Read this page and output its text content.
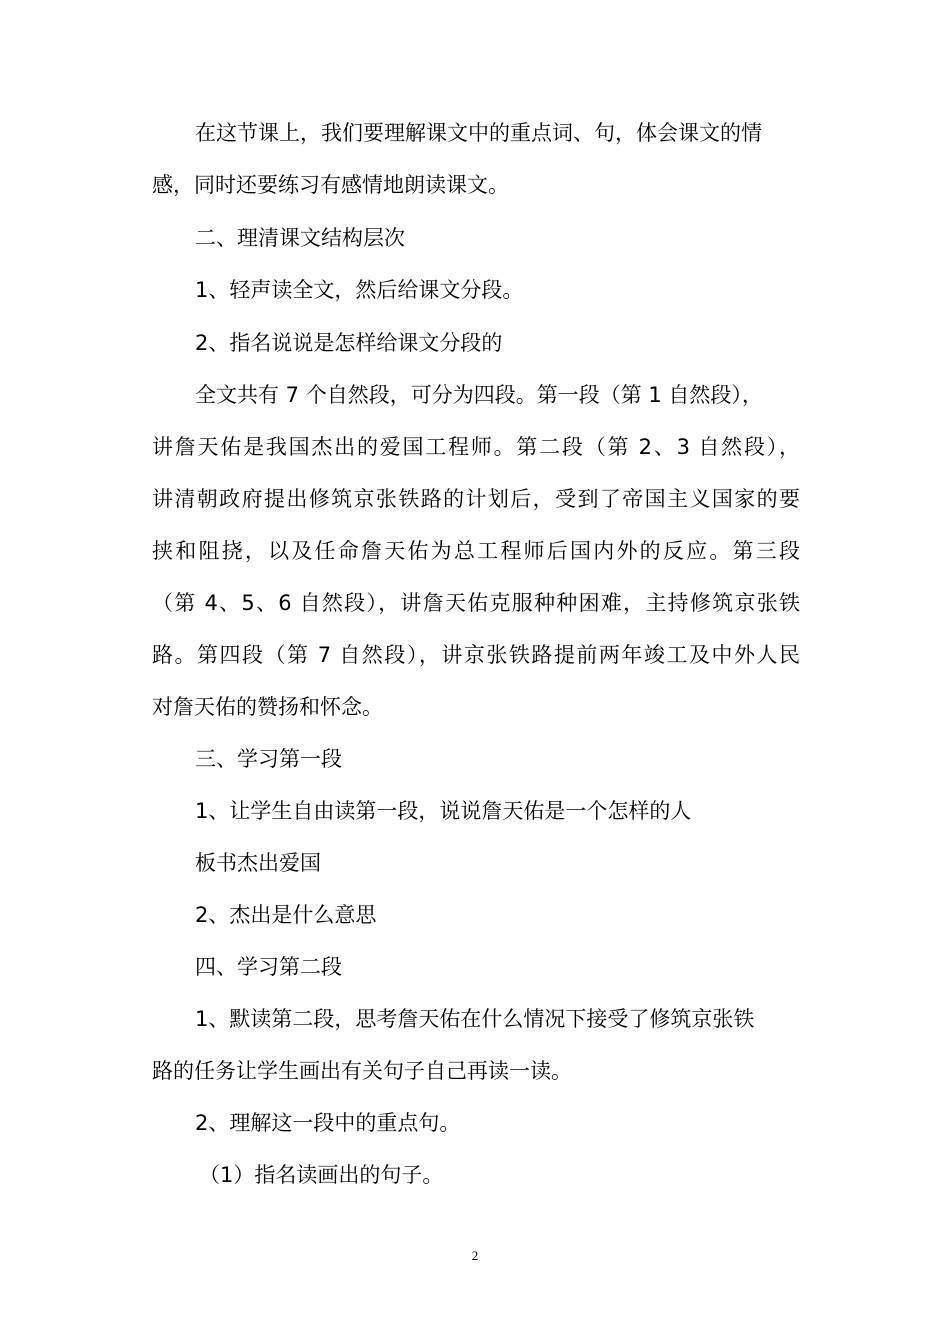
在这节课上，我们要理解课文中的重点词、句，体会课文的情
感，同时还要练习有感情地朗读课文。
二、理清课文结构层次
1、轻声读全文，然后给课文分段。
2、指名说说是怎样给课文分段的
全文共有 7 个自然段，可分为四段。第一段（第 1 自然段），
讲詹天佑是我国杰出的爱国工程师。第二段（第 2、3 自然段），
讲清朝政府提出修筑京张铁路的计划后，受到了帝国主义国家的要
挟和阻挠，以及任命詹天佑为总工程师后国内外的反应。第三段
（第 4、5、6 自然段），讲詹天佑克服种种困难，主持修筑京张铁
路。第四段（第 7 自然段），讲京张铁路提前两年竣工及中外人民
对詹天佑的赞扬和怀念。
三、学习第一段
1、让学生自由读第一段，说说詹天佑是一个怎样的人
板书杰出爱国
2、杰出是什么意思
四、学习第二段
1、默读第二段，思考詹天佑在什么情况下接受了修筑京张铁
路的任务让学生画出有关句子自己再读一读。
2、理解这一段中的重点句。
（1）指名读画出的句子。
2
